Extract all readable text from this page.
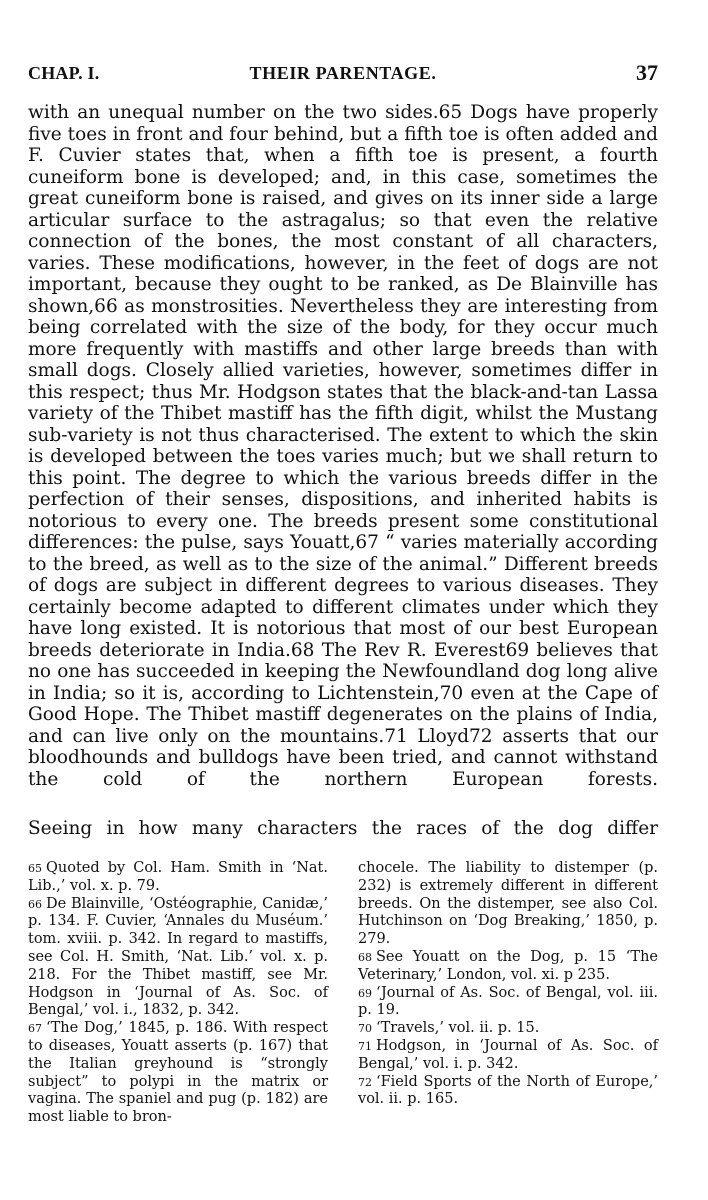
CHAP. I.	THEIR PARENTAGE.	37

with an unequal number on the two sides.65 Dogs have properly five toes in front and four behind, but a fifth toe is often added and F. Cuvier states that, when a fifth toe is present, a fourth cuneiform bone is developed; and, in this case, sometimes the great cuneiform bone is raised, and gives on its inner side a large articular surface to the astragalus; so that even the relative connection of the bones, the most constant of all characters, varies. These modifications, however, in the feet of dogs are not important, because they ought to be ranked, as De Blainville has shown,66 as monstrosities. Nevertheless they are interesting from being correlated with the size of the body, for they occur much more frequently with mastiffs and other large breeds than with small dogs. Closely allied varieties, however, sometimes differ in this respect; thus Mr. Hodgson states that the black-and-tan Lassa variety of the Thibet mastiff has the fifth digit, whilst the Mustang sub-variety is not thus characterised. The extent to which the skin is developed between the toes varies much; but we shall return to this point. The degree to which the various breeds differ in the perfection of their senses, dispositions, and inherited habits is notorious to every one. The breeds present some constitutional differences: the pulse, says Youatt,67 “ varies materially according to the breed, as well as to the size of the animal.” Different breeds of dogs are subject in different degrees to various diseases. They certainly become adapted to different climates under which they have long existed. It is notorious that most of our best European breeds deteriorate in India.68 The Rev R. Everest69 believes that no one has succeeded in keeping the Newfoundland dog long alive in India; so it is, according to Lichtenstein,70 even at the Cape of Good Hope. The Thibet mastiff degenerates on the plains of India, and can live only on the mountains.71 Lloyd72 asserts that our bloodhounds and bulldogs have been tried, and cannot withstand the cold of the northern European forests.

Seeing in how many characters the races of the dog differ

$^{65}$ Quoted by Col. Ham. Smith in ‘Nat. Lib.,’ vol. x. p. 79.

$^{66}$ De Blainville, ‘Ostéographie, Canidæ,’ p. 134. F. Cuvier, ‘Annales du Muséum.’ tom. xviii. p. 342. In regard to mastiffs, see Col. H. Smith, ‘Nat. Lib.’ vol. x. p. 218. For the Thibet mastiff, see Mr. Hodgson in ‘Journal of As. Soc. of Bengal,’ vol. i., 1832, p. 342.

$^{67}$ ‘The Dog,’ 1845, p. 186. With respect to diseases, Youatt asserts (p. 167) that the Italian greyhound is “strongly subject” to polypi in the matrix or vagina. The spaniel and pug (p. 182) are most liable to bron-

chocele. The liability to distemper (p. 232) is extremely different in different breeds. On the distemper, see also Col. Hutchinson on ‘Dog Breaking,’ 1850, p. 279.

$^{68}$ See Youatt on the Dog, p. 15 ‘The Veterinary,’ London, vol. xi. p 235.

$^{69}$ ‘Journal of As. Soc. of Bengal, vol. iii. p. 19.

$^{70}$ ‘Travels,’ vol. ii. p. 15.

$^{71}$ Hodgson, in ‘Journal of As. Soc. of Bengal,’ vol. i. p. 342.

$^{72}$ ‘Field Sports of the North of Europe,’ vol. ii. p. 165.
